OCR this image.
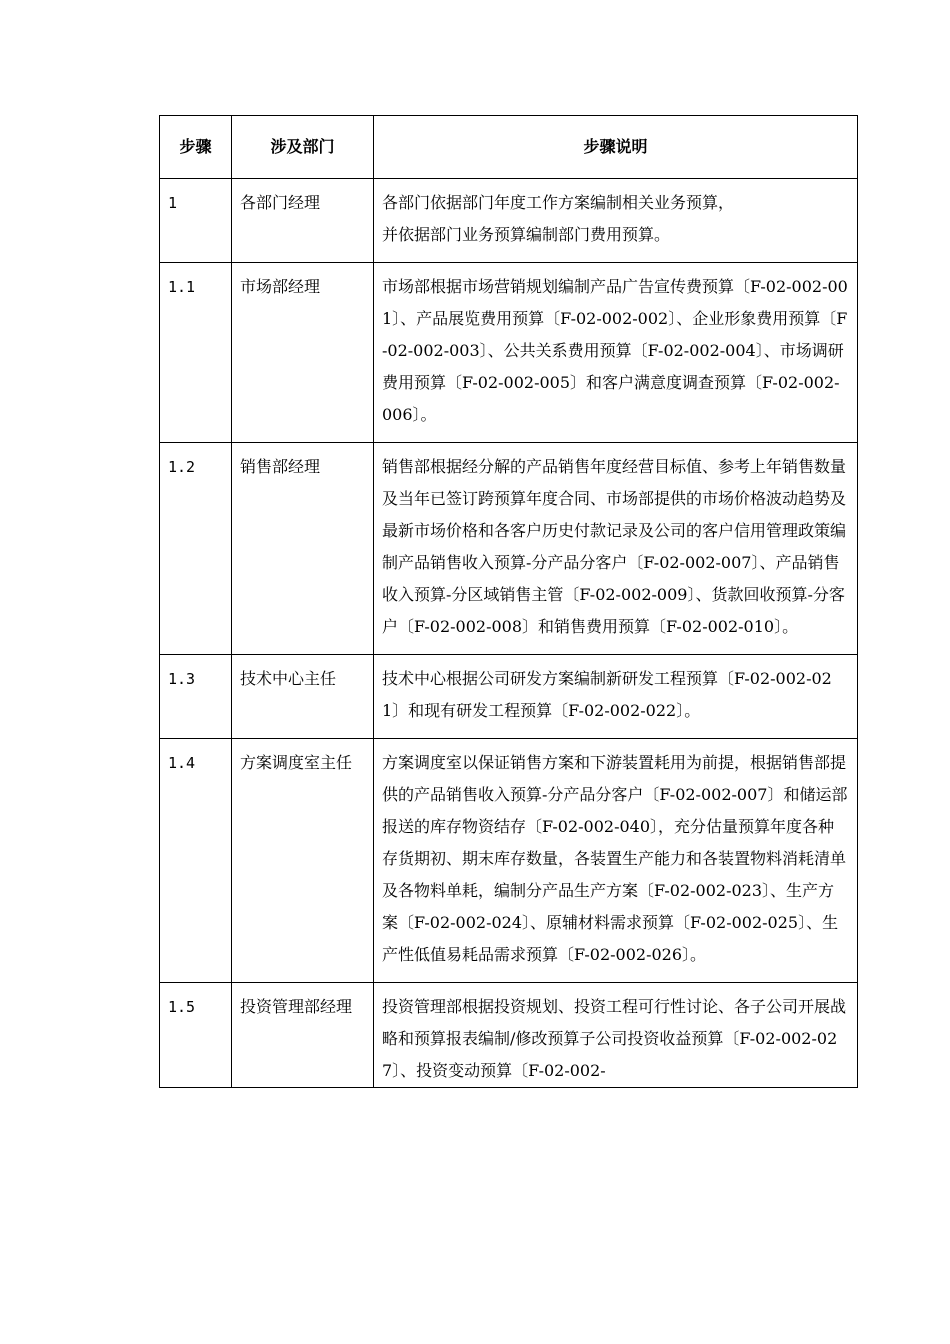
步骤	涉及部门	步骤说明
1	各部门经理	各部门依据部门年度工作方案编制相关业务预算，
并依据部门业务预算编制部门费用预算。
1.1	市场部经理	市场部根据市场营销规划编制产品广告宣传费预算〔F-02-002-001〕、产品展览费用预算〔F-02-002-002〕、企业形象费用预算〔F-02-002-003〕、公共关系费用预算〔F-02-002-004〕、市场调研费用预算〔F-02-002-005〕和客户满意度调查预算〔F-02-002-006〕。
1.2	销售部经理	销售部根据经分解的产品销售年度经营目标值、参考上年销售数量及当年已签订跨预算年度合同、市场部提供的市场价格波动趋势及最新市场价格和各客户历史付款记录及公司的客户信用管理政策编制产品销售收入预算-分产品分客户〔F-02-002-007〕、产品销售收入预算-分区域销售主管〔F-02-002-009〕、货款回收预算-分客户〔F-02-002-008〕和销售费用预算〔F-02-002-010〕。
1.3	技术中心主任	技术中心根据公司研发方案编制新研发工程预算〔F-02-002-021〕和现有研发工程预算〔F-02-002-022〕。
1.4	方案调度室主任	方案调度室以保证销售方案和下游装置耗用为前提，根据销售部提供的产品销售收入预算-分产品分客户〔F-02-002-007〕和储运部报送的库存物资结存〔F-02-002-040〕，充分估量预算年度各种存货期初、期末库存数量，各装置生产能力和各装置物料消耗清单及各物料单耗，编制分产品生产方案〔F-02-002-023〕、生产方案〔F-02-002-024〕、原辅材料需求预算〔F-02-002-025〕、生产性低值易耗品需求预算〔F-02-002-026〕。
1.5	投资管理部经理	投资管理部根据投资规划、投资工程可行性讨论、各子公司开展战略和预算报表编制/修改预算子公司投资收益预算〔F-02-002-027〕、投资变动预算〔F-02-002-
